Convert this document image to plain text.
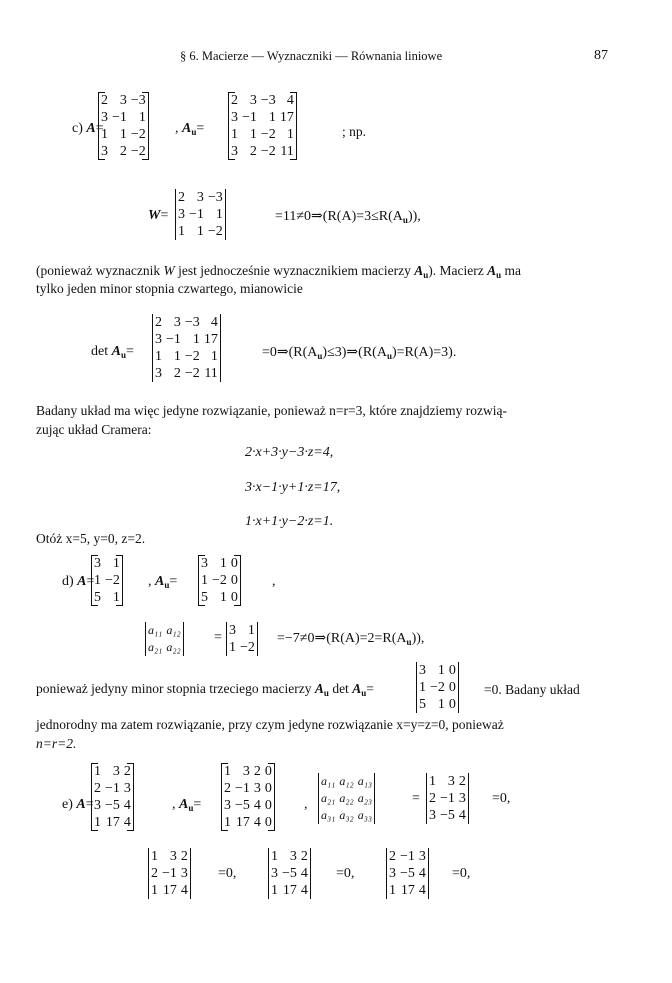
§ 6. Macierze — Wyznaczniki — Równania liniowe	87
c) A=
2	3	−3
3	−1	1
1	1	−2
3	2	−2
, $A_u=$
2	3	−3	4
3	−1	1	17
1	1	−2	1
3	2	−2	11
; np.
W=
2	3	−3
3	−1	1
1	1	−2
$=11\ne 0\Rightarrow(R(A)=3\le R(A_u))$,
(ponieważ wyznacznik W jest jednocześnie wyznacznikiem macierzy $A_u$). Macierz $A_u$ ma
tylko jeden minor stopnia czwartego, mianowicie
$\det A_u=$
2	3	−3	4
3	−1	1	17
1	1	−2	1
3	2	−2	11
$=0\Rightarrow(R(A_u)\le 3)\Rightarrow(R(A_u)=R(A)=3)$.
Badany układ ma więc jedyne rozwiązanie, ponieważ n=r=3, które znajdziemy rozwią-
zując układ Cramera:
2·x+3·y−3·z=4,
3·x−1·y+1·z=17,
1·x+1·y−2·z=1.
Otóż x=5, y=0, z=2.
d) A=
3	1
1	−2
5	1
, $A_u=$
3	1	0
1	−2	0
5	1	0
,
a₁₁	a₁₂
a₂₁	a₂₂
= 3	1
1	−2
$=-7\ne 0\Rightarrow(R(A)=2=R(A_u))$,
ponieważ jedyny minor stopnia trzeciego macierzy $A_u$ $\det A_u=$
3	1	0
1	−2	0
5	1	0
=0. Badany układ
jednorodny ma zatem rozwiązanie, przy czym jedyne rozwiązanie x=y=z=0, ponieważ
n=r=2.
e) A=
1	3	2
2	−1	3
3	−5	4
1	17	4
, $A_u=$
1	3	2	0
2	−1	3	0
3	−5	4	0
1	17	4	0
,
a₁₁	a₁₂	a₁₃
a₂₁	a₂₂	a₂₃
a₃₁	a₃₂	a₃₃
=
1	3	2
2	−1	3
3	−5	4
=0,
1	3	2
2	−1	3
1	17	4
=0,
1	3	2
3	−5	4
1	17	4
=0,
2	−1	3
3	−5	4
1	17	4
=0,
